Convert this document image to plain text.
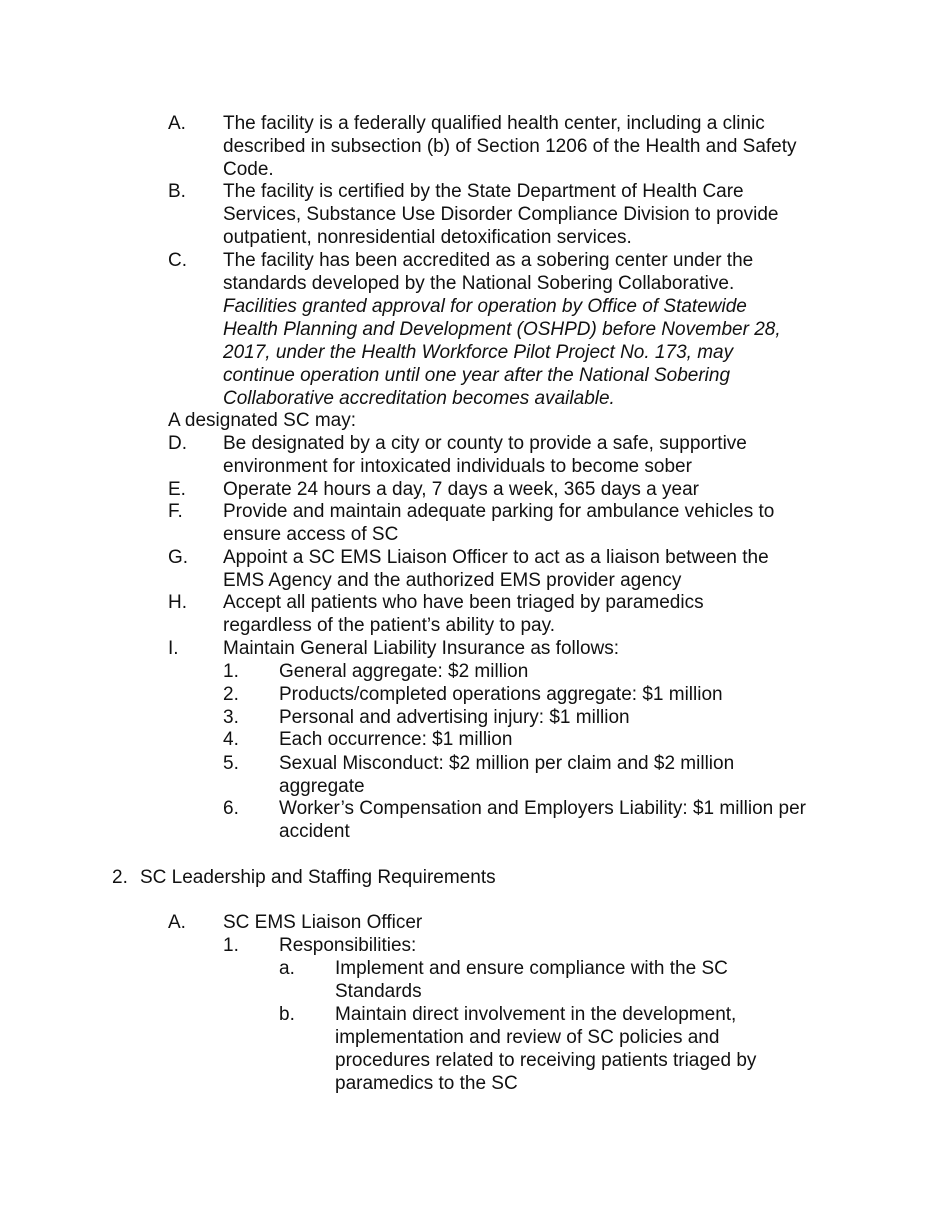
A. The facility is a federally qualified health center, including a clinic
described in subsection (b) of Section 1206 of the Health and Safety
Code.
B. The facility is certified by the State Department of Health Care
Services, Substance Use Disorder Compliance Division to provide
outpatient, nonresidential detoxification services.
C. The facility has been accredited as a sobering center under the
standards developed by the National Sobering Collaborative.
Facilities granted approval for operation by Office of Statewide
Health Planning and Development (OSHPD) before November 28,
2017, under the Health Workforce Pilot Project No. 173, may
continue operation until one year after the National Sobering
Collaborative accreditation becomes available.
A designated SC may:
D. Be designated by a city or county to provide a safe, supportive
environment for intoxicated individuals to become sober
E. Operate 24 hours a day, 7 days a week, 365 days a year
F. Provide and maintain adequate parking for ambulance vehicles to
ensure access of SC
G. Appoint a SC EMS Liaison Officer to act as a liaison between the
EMS Agency and the authorized EMS provider agency
H. Accept all patients who have been triaged by paramedics
regardless of the patient’s ability to pay.
I. Maintain General Liability Insurance as follows:
1. General aggregate: $2 million
2. Products/completed operations aggregate: $1 million
3. Personal and advertising injury: $1 million
4. Each occurrence: $1 million
5. Sexual Misconduct: $2 million per claim and $2 million
aggregate
6. Worker’s Compensation and Employers Liability: $1 million per
accident
2. SC Leadership and Staffing Requirements
A. SC EMS Liaison Officer
1. Responsibilities:
a. Implement and ensure compliance with the SC
Standards
b. Maintain direct involvement in the development,
implementation and review of SC policies and
procedures related to receiving patients triaged by
paramedics to the SC
